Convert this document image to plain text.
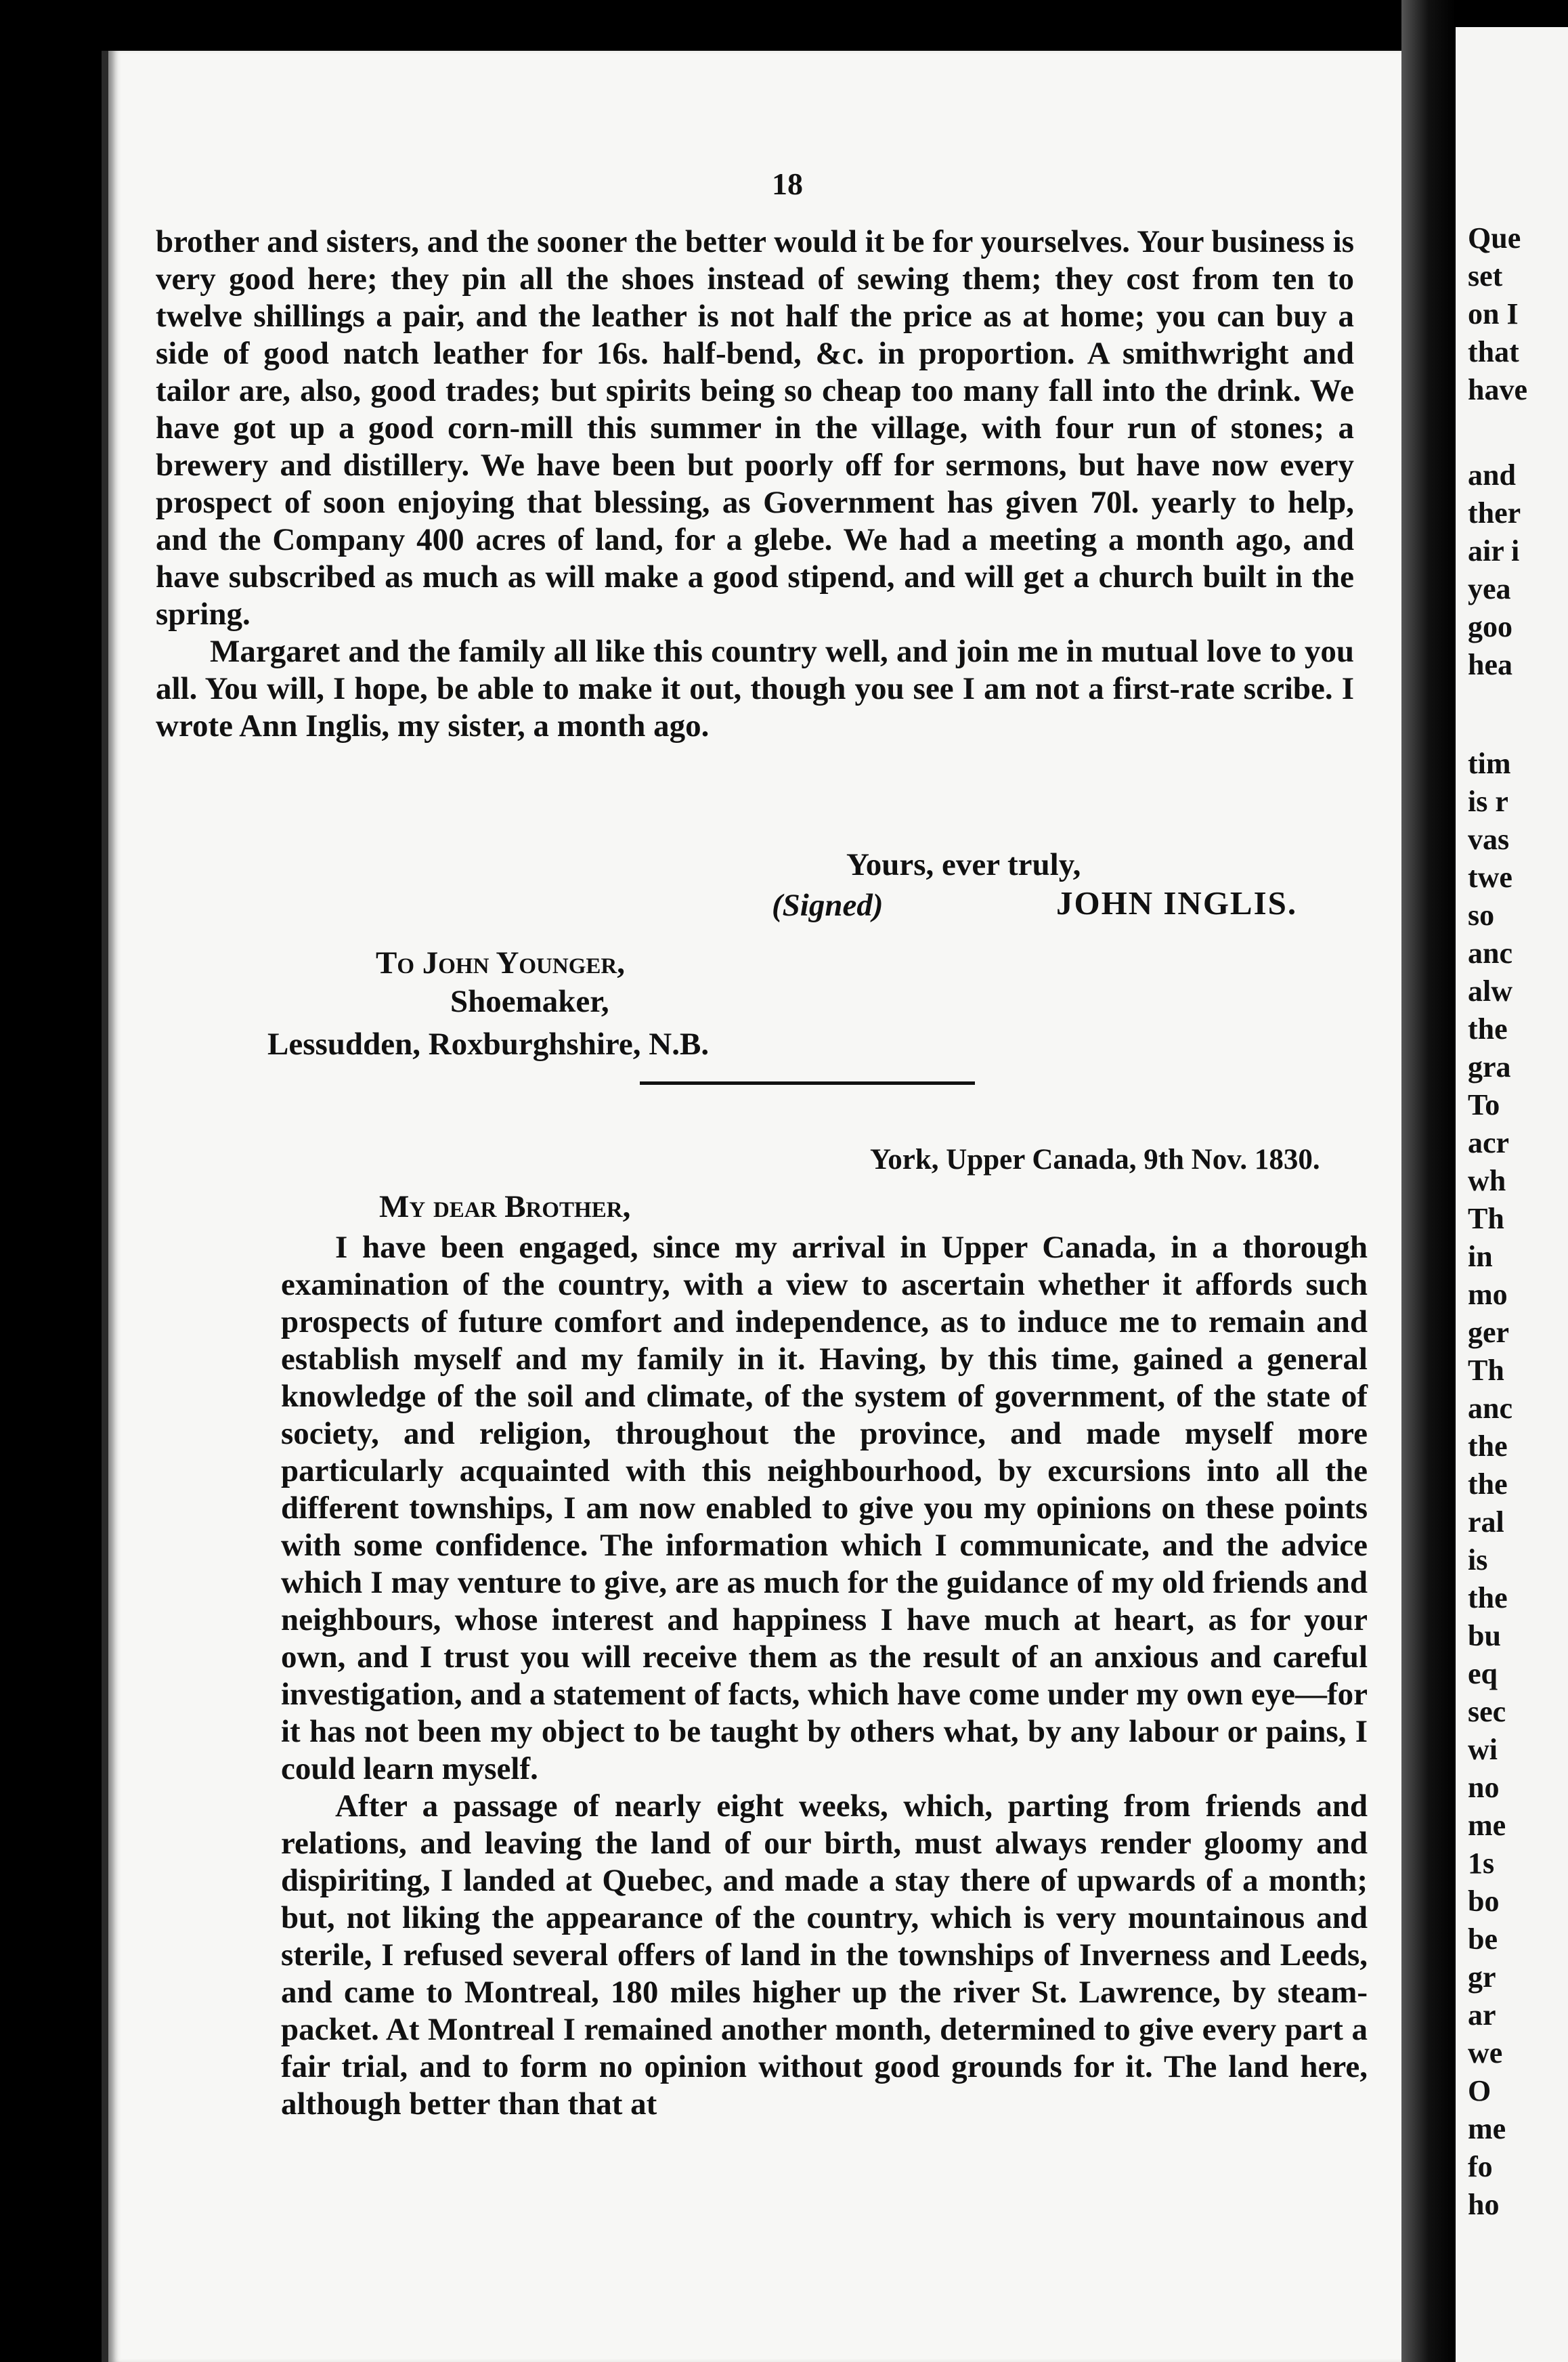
Que
set
on I
that
have
and
ther
air i
yea
goo
hea
tim
is r
vas
twe
so
anc
alw
the
gra
To
acr
wh
Th
in
mo
ger
Th
anc
the
the
ral
is
the
bu
eq
sec
wi
no
me
1s
bo
be
gr
ar
we
O
me
fo
ho
18

brother and sisters, and the sooner the better would it be for yourselves. Your business is very good here; they pin all the shoes instead of sewing them; they cost from ten to twelve shillings a pair, and the leather is not half the price as at home; you can buy a side of good natch leather for 16s. half-bend, &c. in proportion. A smithwright and tailor are, also, good trades; but spirits being so cheap too many fall into the drink. We have got up a good corn-mill this summer in the village, with four run of stones; a brewery and distillery. We have been but poorly off for sermons, but have now every prospect of soon enjoying that blessing, as Government has given 70l. yearly to help, and the Company 400 acres of land, for a glebe. We had a meeting a month ago, and have subscribed as much as will make a good stipend, and will get a church built in the spring.

Margaret and the family all like this country well, and join me in mutual love to you all. You will, I hope, be able to make it out, though you see I am not a first-rate scribe. I wrote Ann Inglis, my sister, a month ago.

Yours, ever truly,
(Signed)	JOHN INGLIS.
To John Younger,
Shoemaker,
Lessudden, Roxburghshire, N.B.
York, Upper Canada, 9th Nov. 1830.
My dear Brother,

I have been engaged, since my arrival in Upper Canada, in a thorough examination of the country, with a view to ascertain whether it affords such prospects of future comfort and independence, as to induce me to remain and establish myself and my family in it. Having, by this time, gained a general knowledge of the soil and climate, of the system of government, of the state of society, and religion, throughout the province, and made myself more particularly acquainted with this neighbourhood, by excursions into all the different townships, I am now enabled to give you my opinions on these points with some confidence. The information which I communicate, and the advice which I may venture to give, are as much for the guidance of my old friends and neighbours, whose interest and happiness I have much at heart, as for your own, and I trust you will receive them as the result of an anxious and careful investigation, and a statement of facts, which have come under my own eye—for it has not been my object to be taught by others what, by any labour or pains, I could learn myself.

After a passage of nearly eight weeks, which, parting from friends and relations, and leaving the land of our birth, must always render gloomy and dispiriting, I landed at Quebec, and made a stay there of upwards of a month; but, not liking the appearance of the country, which is very mountainous and sterile, I refused several offers of land in the townships of Inverness and Leeds, and came to Montreal, 180 miles higher up the river St. Lawrence, by steam-packet. At Montreal I remained another month, determined to give every part a fair trial, and to form no opinion without good grounds for it. The land here, although better than that at
